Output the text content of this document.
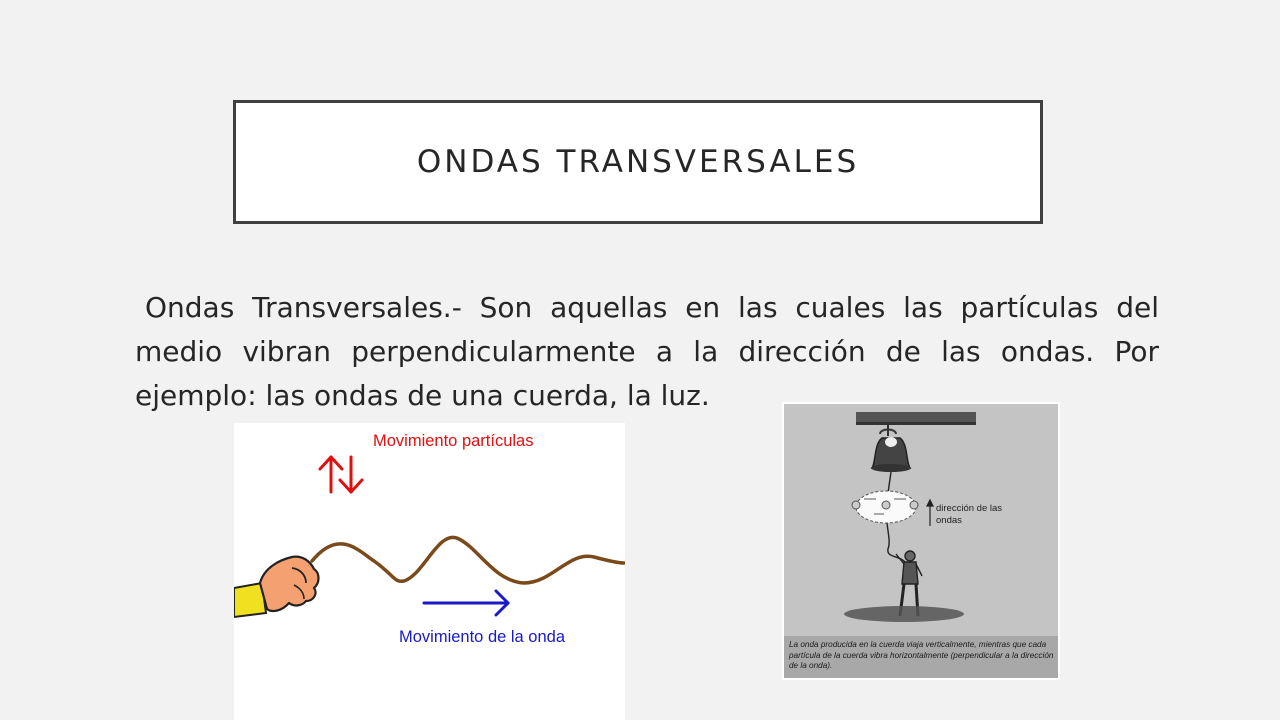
ONDAS TRANSVERSALES

Ondas Transversales.- Son aquellas en las cuales las partículas del medio vibran perpendicularmente a la dirección de las ondas. Por ejemplo: las ondas de una cuerda, la luz.

Movimiento partículas
Movimiento de la onda
dirección de las ondas
La onda producida en la cuerda viaja verticalmente, mientras que cada partícula de la cuerda vibra horizontalmente (perpendicular a la dirección de la onda).
